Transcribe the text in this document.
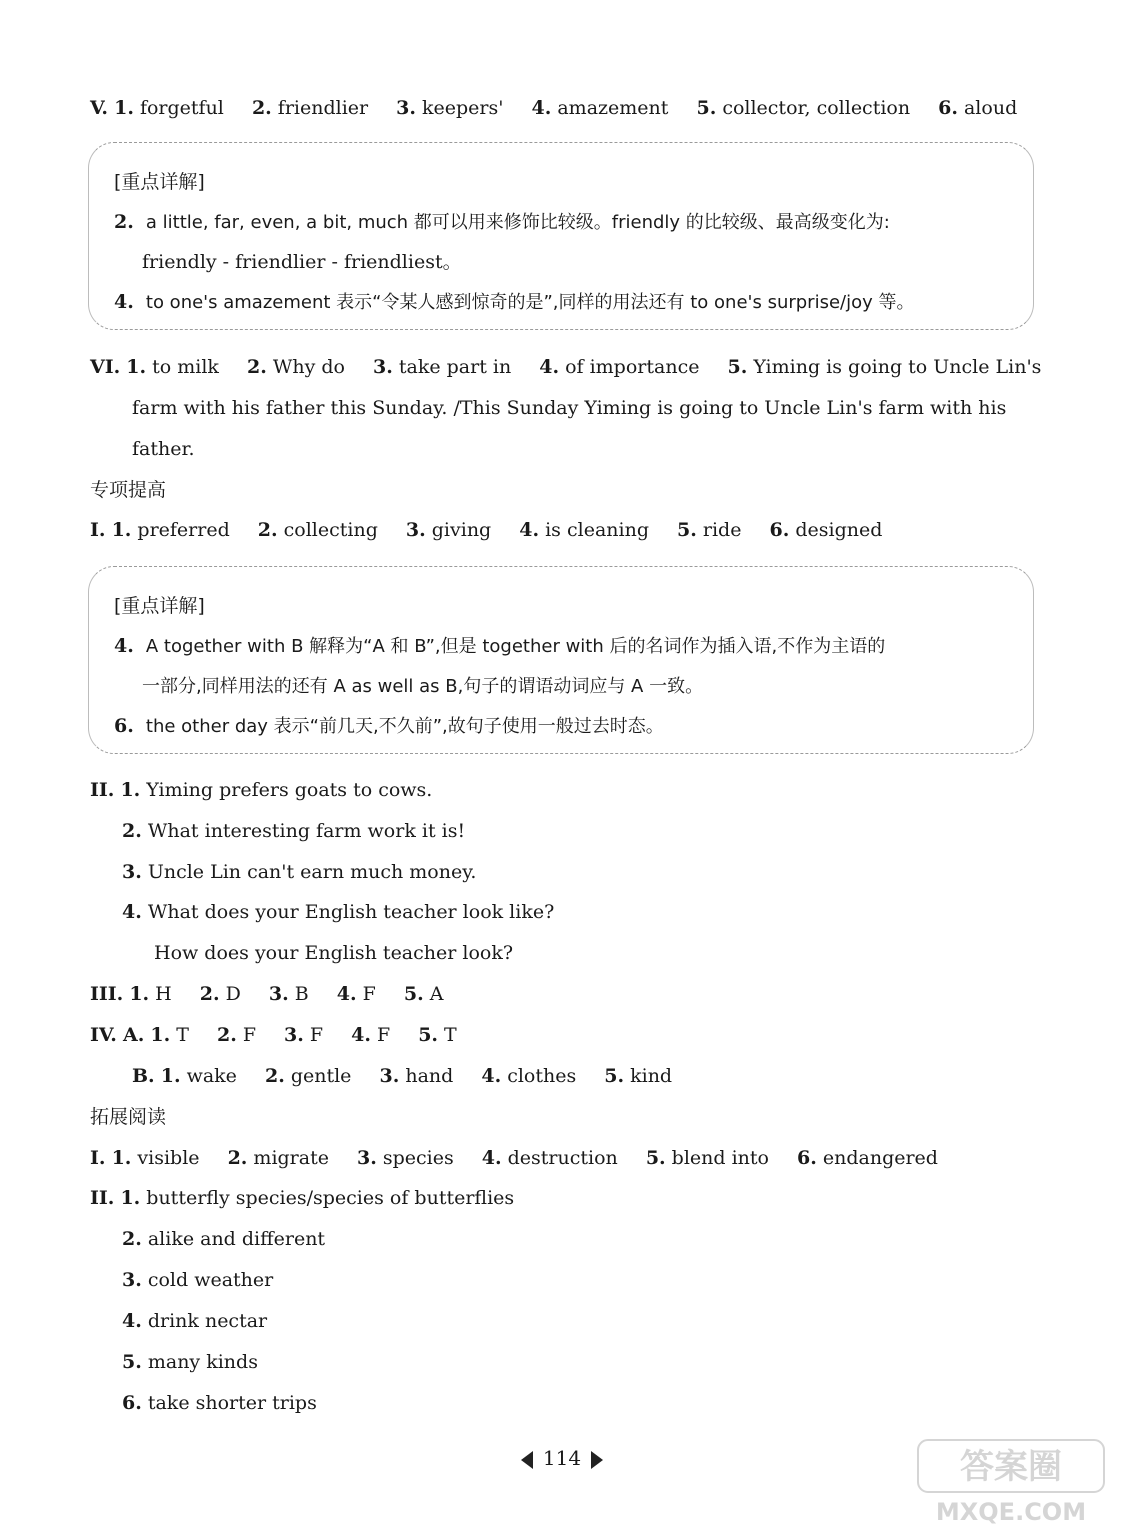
V. 1. forgetful 2. friendlier 3. keepers' 4. amazement 5. collector, collection 6. aloud
[重点详解]
2. a little, far, even, a bit, much 都可以用来修饰比较级。friendly 的比较级、最高级变化为:
friendly - friendlier - friendliest。
4. to one's amazement 表示“令某人感到惊奇的是”,同样的用法还有 to one's surprise/joy 等。
VI. 1. to milk 2. Why do 3. take part in 4. of importance 5. Yiming is going to Uncle Lin's
farm with his father this Sunday. /This Sunday Yiming is going to Uncle Lin's farm with his
father.
专项提高
I. 1. preferred 2. collecting 3. giving 4. is cleaning 5. ride 6. designed
[重点详解]
4. A together with B 解释为“A 和 B”,但是 together with 后的名词作为插入语,不作为主语的
一部分,同样用法的还有 A as well as B,句子的谓语动词应与 A 一致。
6. the other day 表示“前几天,不久前”,故句子使用一般过去时态。
II. 1. Yiming prefers goats to cows.
2. What interesting farm work it is!
3. Uncle Lin can't earn much money.
4. What does your English teacher look like?
How does your English teacher look?
III. 1. H 2. D 3. B 4. F 5. A
IV. A. 1. T 2. F 3. F 4. F 5. T
B. 1. wake 2. gentle 3. hand 4. clothes 5. kind
拓展阅读
I. 1. visible 2. migrate 3. species 4. destruction 5. blend into 6. endangered
II. 1. butterfly species/species of butterflies
2. alike and different
3. cold weather
4. drink nectar
5. many kinds
6. take shorter trips
114	答案圈
MXQE.COM
